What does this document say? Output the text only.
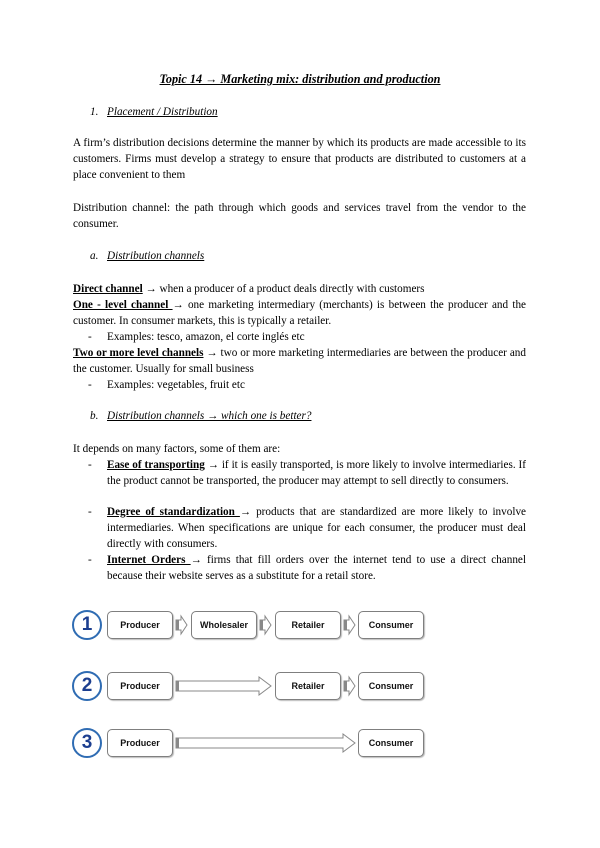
Topic 14 → Marketing mix: distribution and production
1. Placement / Distribution

A firm’s distribution decisions determine the manner by which its products are made accessible to its customers. Firms must develop a strategy to ensure that products are distributed to customers at a place convenient to them

Distribution channel: the path through which goods and services travel from the vendor to the consumer.

a. Distribution channels

Direct channel → when a producer of a product deals directly with customers

One - level channel → one marketing intermediary (merchants) is between the producer and the customer. In consumer markets, this is typically a retailer.

- Examples: tesco, amazon, el corte inglés etc

Two or more level channels → two or more marketing intermediaries are between the producer and the customer. Usually for small business

- Examples: vegetables, fruit etc
b. Distribution channels → which one is better?

It depends on many factors, some of them are:

- Ease of transporting → if it is easily transported, is more likely to involve intermediaries. If the product cannot be transported, the producer may attempt to sell directly to consumers.
- Degree of standardization → products that are standardized are more likely to involve intermediaries. When specifications are unique for each consumer, the producer must deal directly with consumers.
- Internet Orders → firms that fill orders over the internet tend to use a direct channel because their website serves as a substitute for a retail store.
1	Producer	Wholesaler	Retailer	Consumer
2	Producer	Retailer	Consumer
3	Producer	Consumer
